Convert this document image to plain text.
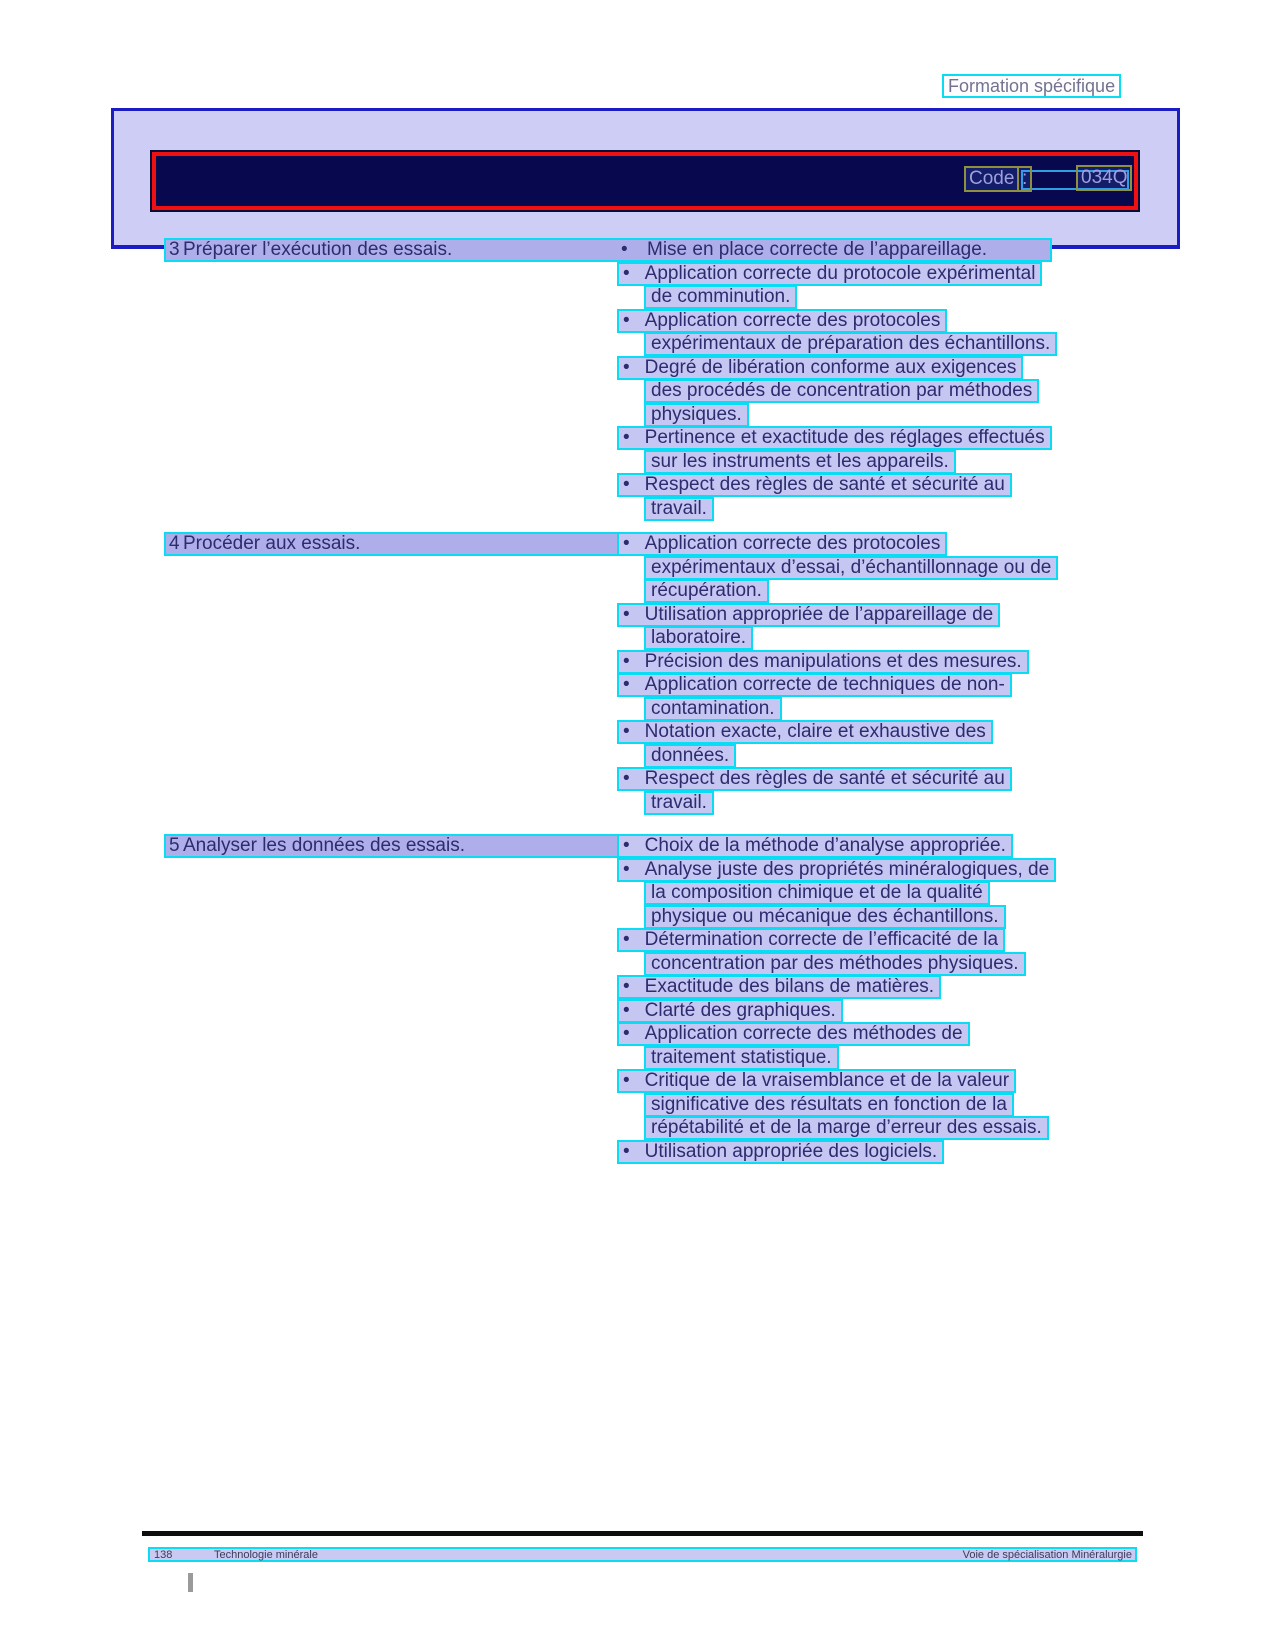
Formation spécifique
Code :	034Q
138	Technologie minérale	Voie de spécialisation Minéralurgie
3 Préparer l’exécution des essais.	• Mise en place correcte de l’appareillage.
• Application correcte du protocole expérimental
de comminution.
• Application correcte des protocoles
expérimentaux de préparation des échantillons.
• Degré de libération conforme aux exigences
des procédés de concentration par méthodes
physiques.
• Pertinence et exactitude des réglages effectués
sur les instruments et les appareils.
• Respect des règles de santé et sécurité au
travail.
4 Procéder aux essais.	• Application correcte des protocoles
expérimentaux d’essai, d’échantillonnage ou de
récupération.
• Utilisation appropriée de l’appareillage de
laboratoire.
• Précision des manipulations et des mesures.
• Application correcte de techniques de non-
contamination.
• Notation exacte, claire et exhaustive des
données.
• Respect des règles de santé et sécurité au
travail.
5 Analyser les données des essais.	• Choix de la méthode d’analyse appropriée.
• Analyse juste des propriétés minéralogiques, de
la composition chimique et de la qualité
physique ou mécanique des échantillons.
• Détermination correcte de l’efficacité de la
concentration par des méthodes physiques.
• Exactitude des bilans de matières.
• Clarté des graphiques.
• Application correcte des méthodes de
traitement statistique.
• Critique de la vraisemblance et de la valeur
significative des résultats en fonction de la
répétabilité et de la marge d’erreur des essais.
• Utilisation appropriée des logiciels.
